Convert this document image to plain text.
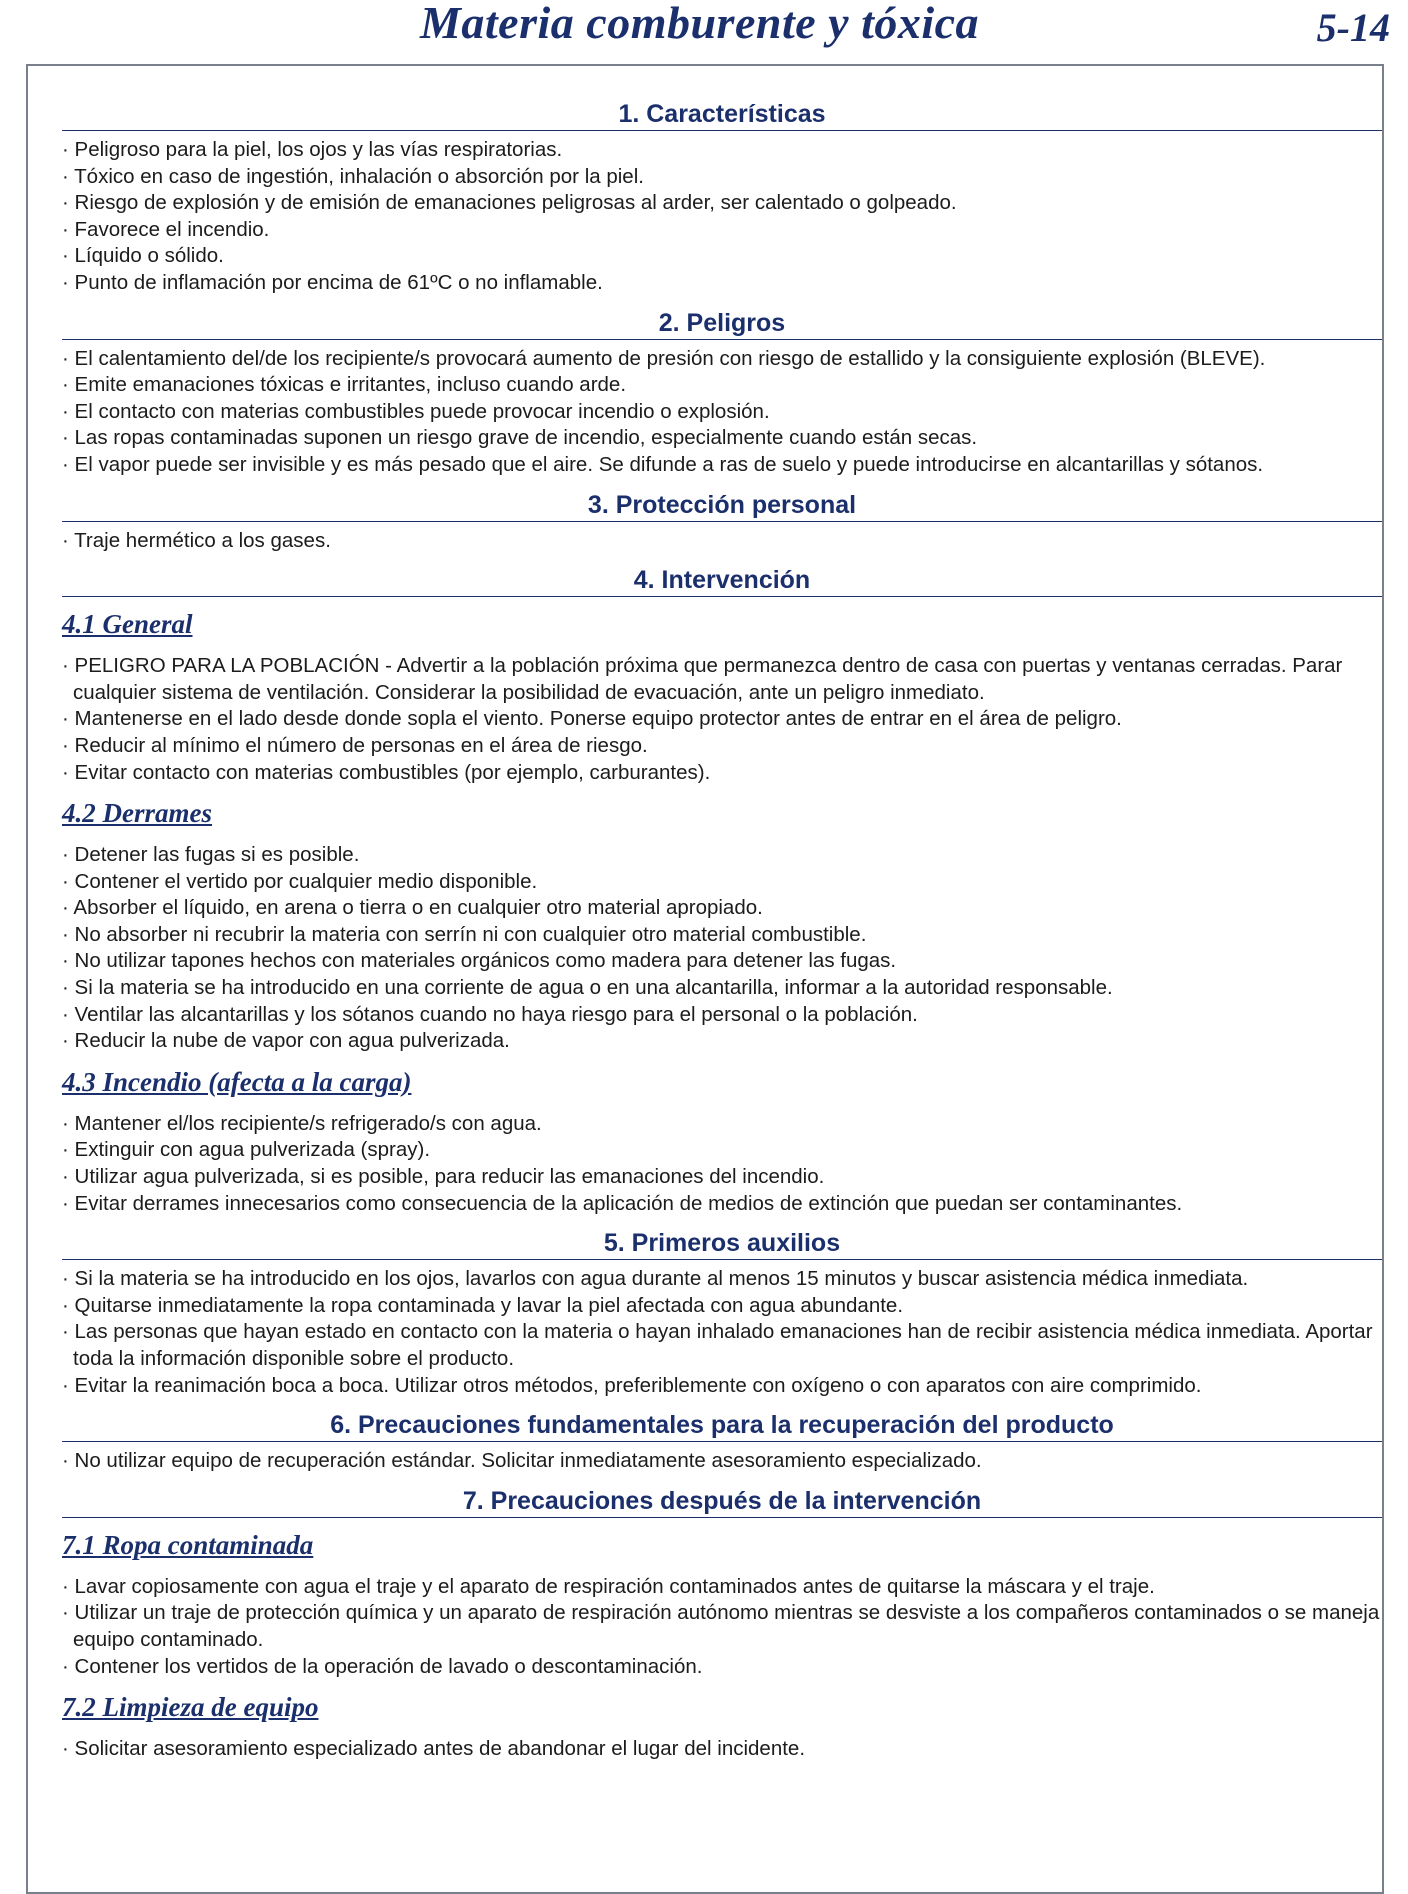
Materia comburente y tóxica	5-14
1. Características
· Peligroso para la piel, los ojos y las vías respiratorias.
· Tóxico en caso de ingestión, inhalación o absorción por la piel.
· Riesgo de explosión y de emisión de emanaciones peligrosas al arder, ser calentado o golpeado.
· Favorece el incendio.
· Líquido o sólido.
· Punto de inflamación por encima de 61ºC o no inflamable.
2. Peligros
· El calentamiento del/de los recipiente/s provocará aumento de presión con riesgo de estallido y la consiguiente explosión (BLEVE).
· Emite emanaciones tóxicas e irritantes, incluso cuando arde.
· El contacto con materias combustibles puede provocar incendio o explosión.
· Las ropas contaminadas suponen un riesgo grave de incendio, especialmente cuando están secas.
· El vapor puede ser invisible y es más pesado que el aire. Se difunde a ras de suelo y puede introducirse en alcantarillas y sótanos.
3. Protección personal
· Traje hermético a los gases.
4. Intervención
4.1 General
· PELIGRO PARA LA POBLACIÓN - Advertir a la población próxima que permanezca dentro de casa con puertas y ventanas cerradas. Parar cualquier sistema de ventilación. Considerar la posibilidad de evacuación, ante un peligro inmediato.
· Mantenerse en el lado desde donde sopla el viento. Ponerse equipo protector antes de entrar en el área de peligro.
· Reducir al mínimo el número de personas en el área de riesgo.
· Evitar contacto con materias combustibles (por ejemplo, carburantes).
4.2 Derrames
· Detener las fugas si es posible.
· Contener el vertido por cualquier medio disponible.
· Absorber el líquido, en arena o tierra o en cualquier otro material apropiado.
· No absorber ni recubrir la materia con serrín ni con cualquier otro material combustible.
· No utilizar tapones hechos con materiales orgánicos como madera para detener las fugas.
· Si la materia se ha introducido en una corriente de agua o en una alcantarilla, informar a la autoridad responsable.
· Ventilar las alcantarillas y los sótanos cuando no haya riesgo para el personal o la población.
· Reducir la nube de vapor con agua pulverizada.
4.3 Incendio (afecta a la carga)
· Mantener el/los recipiente/s refrigerado/s con agua.
· Extinguir con agua pulverizada (spray).
· Utilizar agua pulverizada, si es posible, para reducir las emanaciones del incendio.
· Evitar derrames innecesarios como consecuencia de la aplicación de medios de extinción que puedan ser contaminantes.
5. Primeros auxilios
· Si la materia se ha introducido en los ojos, lavarlos con agua durante al menos 15 minutos y buscar asistencia médica inmediata.
· Quitarse inmediatamente la ropa contaminada y lavar la piel afectada con agua abundante.
· Las personas que hayan estado en contacto con la materia o hayan inhalado emanaciones han de recibir asistencia médica inmediata. Aportar toda la información disponible sobre el producto.
· Evitar la reanimación boca a boca. Utilizar otros métodos, preferiblemente con oxígeno o con aparatos con aire comprimido.
6. Precauciones fundamentales para la recuperación del producto
· No utilizar equipo de recuperación estándar. Solicitar inmediatamente asesoramiento especializado.
7. Precauciones después de la intervención
7.1 Ropa contaminada
· Lavar copiosamente con agua el traje y el aparato de respiración contaminados antes de quitarse la máscara y el traje.
· Utilizar un traje de protección química y un aparato de respiración autónomo mientras se desviste a los compañeros contaminados o se maneja equipo contaminado.
· Contener los vertidos de la operación de lavado o descontaminación.
7.2 Limpieza de equipo
· Solicitar asesoramiento especializado antes de abandonar el lugar del incidente.
